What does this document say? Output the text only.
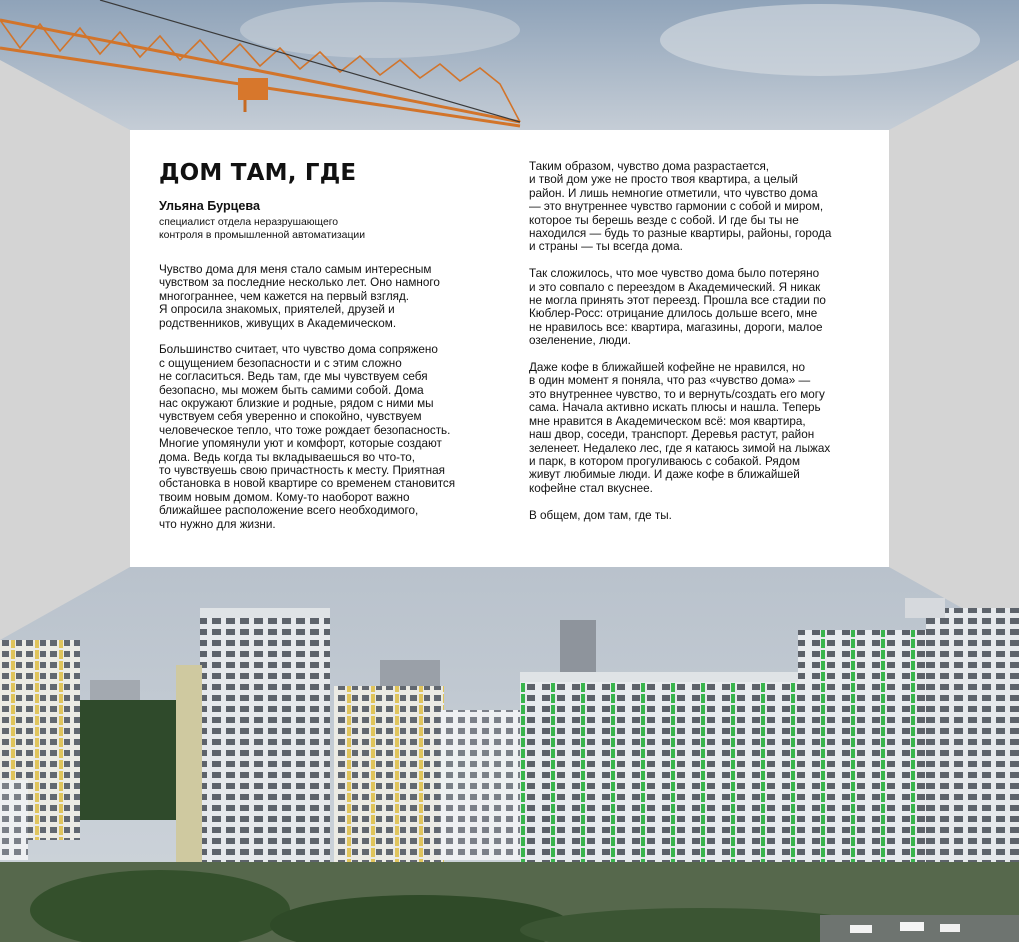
ДОМ ТАМ, ГДЕ

Ульяна Бурцева

специалист отдела неразрушающего
контроля в промышленной автоматизации

Чувство дома для меня стало самым интересным
чувством за последние несколько лет. Оно намного
многограннее, чем кажется на первый взгляд.
Я опросила знакомых, приятелей, друзей и
родственников, живущих в Академическом.

Большинство считает, что чувство дома сопряжено
с ощущением безопасности и с этим сложно
не согласиться. Ведь там, где мы чувствуем себя
безопасно, мы можем быть самими собой. Дома
нас окружают близкие и родные, рядом с ними мы
чувствуем себя уверенно и спокойно, чувствуем
человеческое тепло, что тоже рождает безопасность.
Многие упомянули уют и комфорт, которые создают
дома. Ведь когда ты вкладываешься во что-то,
то чувствуешь свою причастность к месту. Приятная
обстановка в новой квартире со временем становится
твоим новым домом. Кому-то наоборот важно
ближайшее расположение всего необходимого,
что нужно для жизни.

Таким образом, чувство дома разрастается,
и твой дом уже не просто твоя квартира, а целый
район. И лишь немногие отметили, что чувство дома
— это внутреннее чувство гармонии с собой и миром,
которое ты берешь везде с собой. И где бы ты не
находился — будь то разные квартиры, районы, города
и страны — ты всегда дома.

Так сложилось, что мое чувство дома было потеряно
и это совпало с переездом в Академический. Я никак
не могла принять этот переезд. Прошла все стадии по
Кюблер-Росс: отрицание длилось дольше всего, мне
не нравилось все: квартира, магазины, дороги, малое
озеленение, люди.

Даже кофе в ближайшей кофейне не нравился, но
в один момент я поняла, что раз «чувство дома» —
это внутреннее чувство, то и вернуть/создать его могу
сама. Начала активно искать плюсы и нашла. Теперь
мне нравится в Академическом всё: моя квартира,
наш двор, соседи, транспорт. Деревья растут, район
зеленеет. Недалеко лес, где я катаюсь зимой на лыжах
и парк, в котором прогуливаюсь с собакой. Рядом
живут любимые люди. И даже кофе в ближайшей
кофейне стал вкуснее.

В общем, дом там, где ты.
